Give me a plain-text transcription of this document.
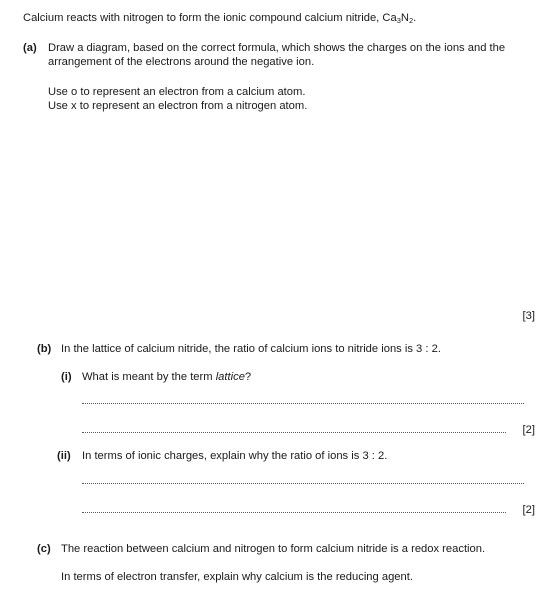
Calcium reacts with nitrogen to form the ionic compound calcium nitride, $Ca_3N_2$.
(a) Draw a diagram, based on the correct formula, which shows the charges on the ions and the
arrangement of the electrons around the negative ion.
Use o to represent an electron from a calcium atom.
Use x to represent an electron from a nitrogen atom.
[3]
(b) In the lattice of calcium nitride, the ratio of calcium ions to nitride ions is 3 : 2.
(i) What is meant by the term lattice?
[2]
(ii) In terms of ionic charges, explain why the ratio of ions is 3 : 2.
[2]
(c) The reaction between calcium and nitrogen to form calcium nitride is a redox reaction.
In terms of electron transfer, explain why calcium is the reducing agent.
